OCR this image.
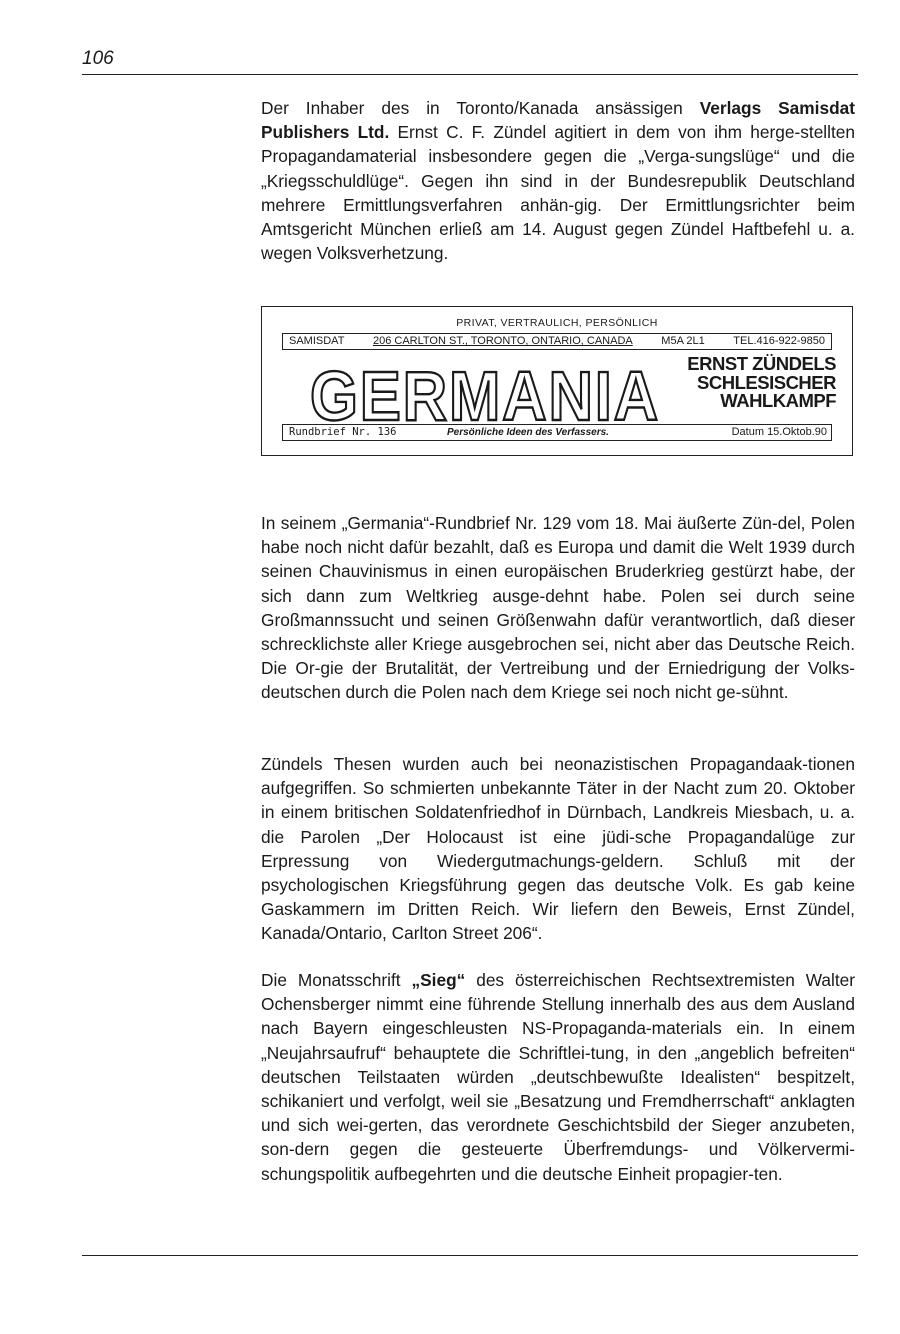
106

Der Inhaber des in Toronto/Kanada ansässigen Verlags Samisdat Publishers Ltd. Ernst C. F. Zündel agitiert in dem von ihm herge-stellten Propagandamaterial insbesondere gegen die „Verga-sungslüge“ und die „Kriegsschuldlüge“. Gegen ihn sind in der Bundesrepublik Deutschland mehrere Ermittlungsverfahren anhän-gig. Der Ermittlungsrichter beim Amtsgericht München erließ am 14. August gegen Zündel Haftbefehl u. a. wegen Volksverhetzung.

PRIVAT, VERTRAULICH, PERSÖNLICH
SAMISDAT	206 CARLTON ST., TORONTO, ONTARIO, CANADA	M5A 2L1	TEL.416-922-9850
GERMANIA	ERNST ZÜNDELS
SCHLESISCHER
WAHLKAMPF
Rundbrief Nr. 136	Persönliche Ideen des Verfassers.	Datum 15.Oktob.90

In seinem „Germania“-Rundbrief Nr. 129 vom 18. Mai äußerte Zün-del, Polen habe noch nicht dafür bezahlt, daß es Europa und damit die Welt 1939 durch seinen Chauvinismus in einen europäischen Bruderkrieg gestürzt habe, der sich dann zum Weltkrieg ausge-dehnt habe. Polen sei durch seine Großmannssucht und seinen Größenwahn dafür verantwortlich, daß dieser schrecklichste aller Kriege ausgebrochen sei, nicht aber das Deutsche Reich. Die Or-gie der Brutalität, der Vertreibung und der Erniedrigung der Volks-deutschen durch die Polen nach dem Kriege sei noch nicht ge-sühnt.

Zündels Thesen wurden auch bei neonazistischen Propagandaak-tionen aufgegriffen. So schmierten unbekannte Täter in der Nacht zum 20. Oktober in einem britischen Soldatenfriedhof in Dürnbach, Landkreis Miesbach, u. a. die Parolen „Der Holocaust ist eine jüdi-sche Propagandalüge zur Erpressung von Wiedergutmachungs-geldern. Schluß mit der psychologischen Kriegsführung gegen das deutsche Volk. Es gab keine Gaskammern im Dritten Reich. Wir liefern den Beweis, Ernst Zündel, Kanada/Ontario, Carlton Street 206“.

Die Monatsschrift „Sieg“ des österreichischen Rechtsextremisten Walter Ochensberger nimmt eine führende Stellung innerhalb des aus dem Ausland nach Bayern eingeschleusten NS-Propaganda-materials ein. In einem „Neujahrsaufruf“ behauptete die Schriftlei-tung, in den „angeblich befreiten“ deutschen Teilstaaten würden „deutschbewußte Idealisten“ bespitzelt, schikaniert und verfolgt, weil sie „Besatzung und Fremdherrschaft“ anklagten und sich wei-gerten, das verordnete Geschichtsbild der Sieger anzubeten, son-dern gegen die gesteuerte Überfremdungs- und Völkervermi-schungspolitik aufbegehrten und die deutsche Einheit propagier-ten.
